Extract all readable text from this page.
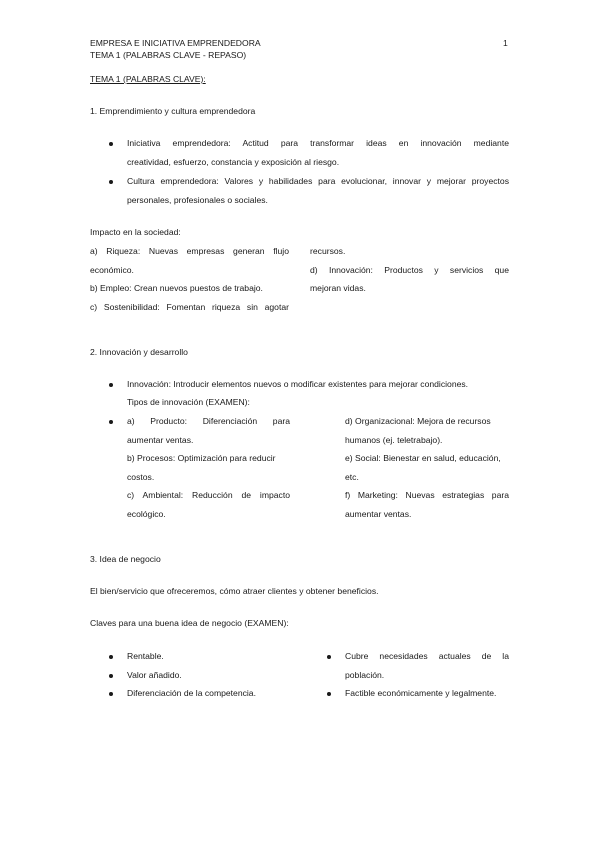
EMPRESA E INICIATIVA EMPRENDEDORA
TEMA 1 (PALABRAS CLAVE - REPASO)
1
TEMA 1 (PALABRAS CLAVE):
1. Emprendimiento y cultura emprendedora
Iniciativa emprendedora: Actitud para transformar ideas en innovación mediante
creatividad, esfuerzo, constancia y exposición al riesgo.
Cultura emprendedora: Valores y habilidades para evolucionar, innovar y mejorar proyectos
personales, profesionales o sociales.
Impacto en la sociedad:
a) Riqueza: Nuevas empresas generan flujo
económico.
b) Empleo: Crean nuevos puestos de trabajo.
c) Sostenibilidad: Fomentan riqueza sin agotar
recursos.
d) Innovación: Productos y servicios que
mejoran vidas.
2. Innovación y desarrollo
Innovación: Introducir elementos nuevos o modificar existentes para mejorar condiciones.
Tipos de innovación (EXAMEN):
a) Producto: Diferenciación para
aumentar ventas.
b) Procesos: Optimización para reducir
costos.
c) Ambiental: Reducción de impacto
ecológico.
d) Organizacional: Mejora de recursos
humanos (ej. teletrabajo).
e) Social: Bienestar en salud, educación,
etc.
f) Marketing: Nuevas estrategias para
aumentar ventas.
3. Idea de negocio
El bien/servicio que ofreceremos, cómo atraer clientes y obtener beneficios.
Claves para una buena idea de negocio (EXAMEN):
Rentable.
Valor añadido.
Diferenciación de la competencia.
Cubre necesidades actuales de la
población.
Factible económicamente y legalmente.
